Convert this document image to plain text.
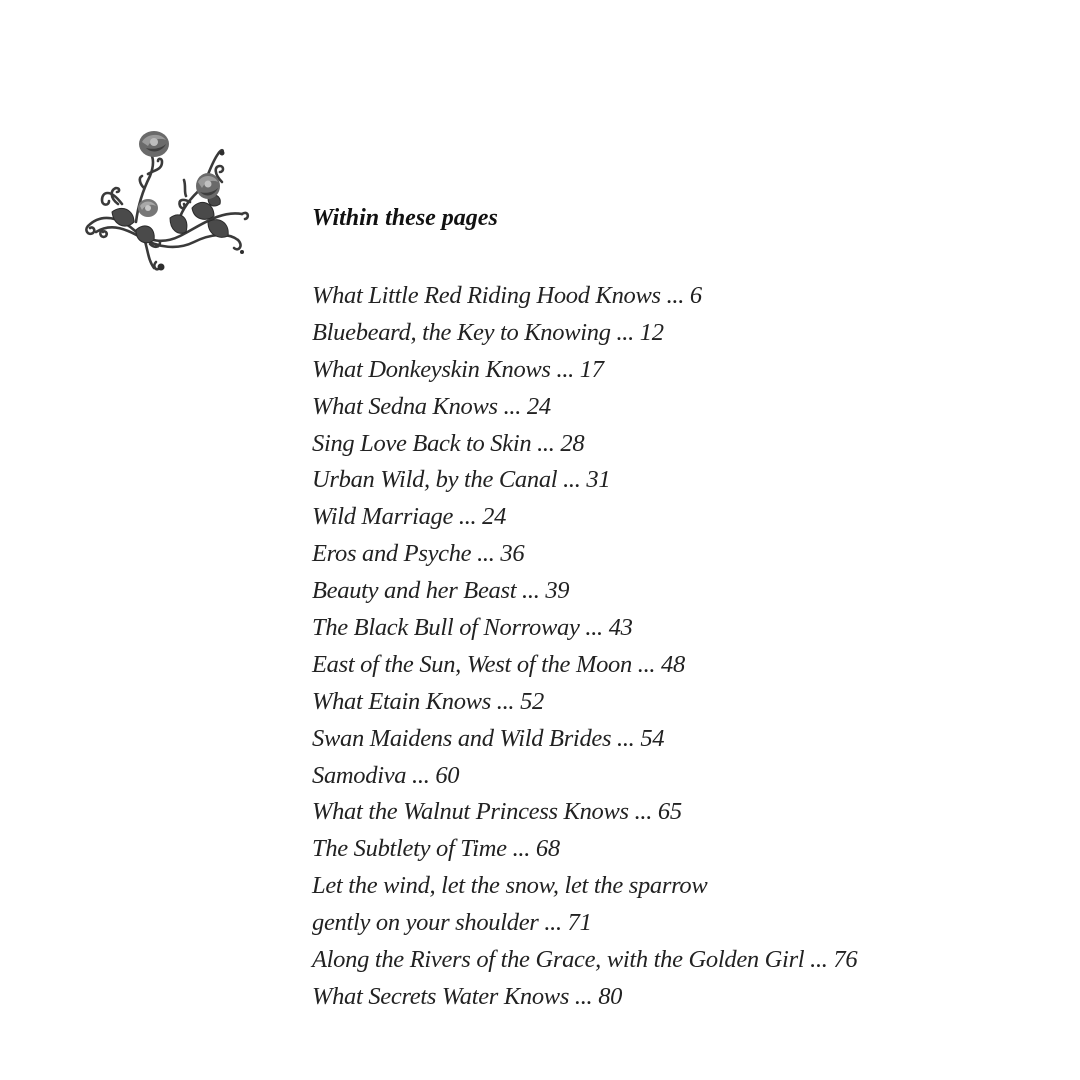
Within these pages
What Little Red Riding Hood Knows ... 6
Bluebeard, the Key to Knowing ... 12
What Donkeyskin Knows ... 17
What Sedna Knows ... 24
Sing Love Back to Skin ... 28
Urban Wild, by the Canal ... 31
Wild Marriage ... 24
Eros and Psyche ... 36
Beauty and her Beast ... 39
The Black Bull of Norroway ... 43
East of the Sun, West of the Moon ... 48
What Etain Knows ... 52
Swan Maidens and Wild Brides ... 54
Samodiva ... 60
What the Walnut Princess Knows ... 65
The Subtlety of Time ... 68
Let the wind, let the snow, let the sparrow
gently on your shoulder ... 71
Along the Rivers of the Grace, with the Golden Girl ... 76
What Secrets Water Knows ... 80
